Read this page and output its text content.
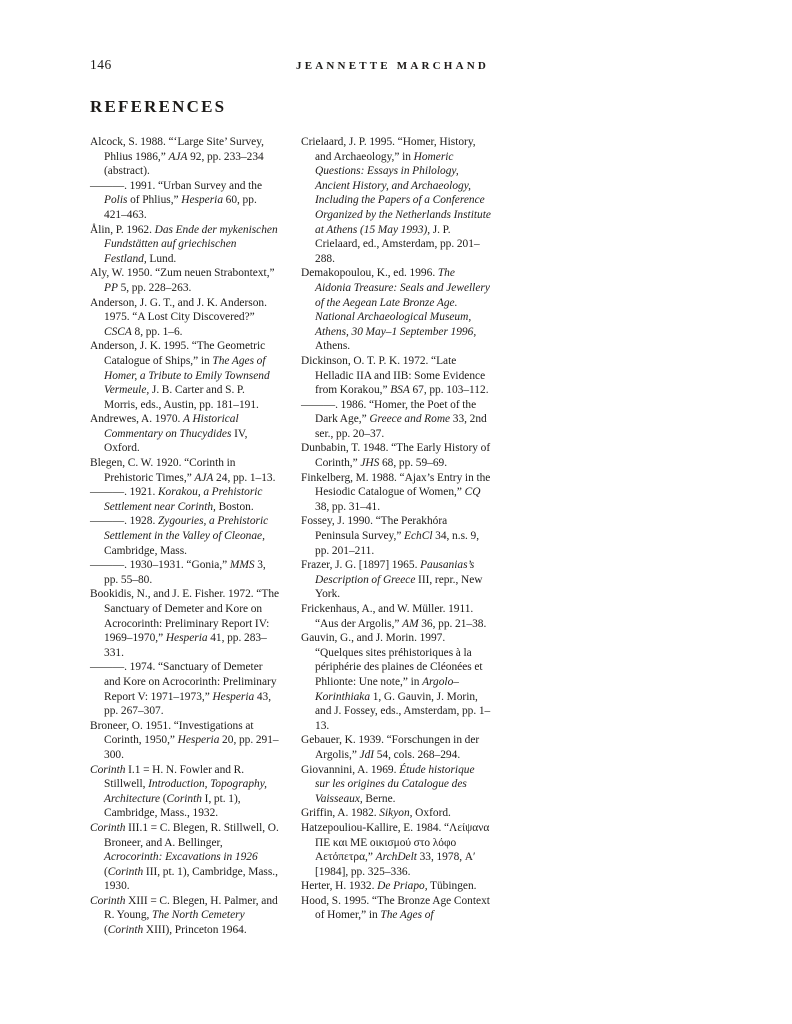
146	JEANNETTE MARCHAND
REFERENCES

Alcock, S. 1988. “‘Large Site’ Survey, Phlius 1986,” AJA 92, pp. 233–234 (abstract).

———. 1991. “Urban Survey and the Polis of Phlius,” Hesperia 60, pp. 421–463.

Ålin, P. 1962. Das Ende der mykenischen Fundstätten auf griechischen Festland, Lund.

Aly, W. 1950. “Zum neuen Strabontext,” PP 5, pp. 228–263.

Anderson, J. G. T., and J. K. Anderson. 1975. “A Lost City Discovered?” CSCA 8, pp. 1–6.

Anderson, J. K. 1995. “The Geometric Catalogue of Ships,” in The Ages of Homer, a Tribute to Emily Townsend Vermeule, J. B. Carter and S. P. Morris, eds., Austin, pp. 181–191.

Andrewes, A. 1970. A Historical Commentary on Thucydides IV, Oxford.

Blegen, C. W. 1920. “Corinth in Prehistoric Times,” AJA 24, pp. 1–13.

———. 1921. Korakou, a Prehistoric Settlement near Corinth, Boston.

———. 1928. Zygouries, a Prehistoric Settlement in the Valley of Cleonae, Cambridge, Mass.

———. 1930–1931. “Gonia,” MMS 3, pp. 55–80.

Bookidis, N., and J. E. Fisher. 1972. “The Sanctuary of Demeter and Kore on Acrocorinth: Preliminary Report IV: 1969–1970,” Hesperia 41, pp. 283–331.

———. 1974. “Sanctuary of Demeter and Kore on Acrocorinth: Preliminary Report V: 1971–1973,” Hesperia 43, pp. 267–307.

Broneer, O. 1951. “Investigations at Corinth, 1950,” Hesperia 20, pp. 291–300.

Corinth I.1 = H. N. Fowler and R. Stillwell, Introduction, Topography, Architecture (Corinth I, pt. 1), Cambridge, Mass., 1932.

Corinth III.1 = C. Blegen, R. Stillwell, O. Broneer, and A. Bellinger, Acrocorinth: Excavations in 1926 (Corinth III, pt. 1), Cambridge, Mass., 1930.

Corinth XIII = C. Blegen, H. Palmer, and R. Young, The North Cemetery (Corinth XIII), Princeton 1964.

Crielaard, J. P. 1995. “Homer, History, and Archaeology,” in Homeric Questions: Essays in Philology, Ancient History, and Archaeology, Including the Papers of a Conference Organized by the Netherlands Institute at Athens (15 May 1993), J. P. Crielaard, ed., Amsterdam, pp. 201–288.

Demakopoulou, K., ed. 1996. The Aidonia Treasure: Seals and Jewellery of the Aegean Late Bronze Age. National Archaeological Museum, Athens, 30 May–1 September 1996, Athens.

Dickinson, O. T. P. K. 1972. “Late Helladic IIA and IIB: Some Evidence from Korakou,” BSA 67, pp. 103–112.

———. 1986. “Homer, the Poet of the Dark Age,” Greece and Rome 33, 2nd ser., pp. 20–37.

Dunbabin, T. 1948. “The Early History of Corinth,” JHS 68, pp. 59–69.

Finkelberg, M. 1988. “Ajax’s Entry in the Hesiodic Catalogue of Women,” CQ 38, pp. 31–41.

Fossey, J. 1990. “The Perakhóra Peninsula Survey,” EchCl 34, n.s. 9, pp. 201–211.

Frazer, J. G. [1897] 1965. Pausanias’s Description of Greece III, repr., New York.

Frickenhaus, A., and W. Müller. 1911. “Aus der Argolis,” AM 36, pp. 21–38.

Gauvin, G., and J. Morin. 1997. “Quelques sites préhistoriques à la périphérie des plaines de Cléonées et Phlionte: Une note,” in Argolo–Korinthiaka 1, G. Gauvin, J. Morin, and J. Fossey, eds., Amsterdam, pp. 1–13.

Gebauer, K. 1939. “Forschungen in der Argolis,” JdI 54, cols. 268–294.

Giovannini, A. 1969. Étude historique sur les origines du Catalogue des Vaisseaux, Berne.

Griffin, A. 1982. Sikyon, Oxford.

Hatzepouliou-Kallire, E. 1984. “Λείψανα ΠΕ και ΜΕ οικισμού στο λόφο Αετόπετρα,” ArchDelt 33, 1978, Α′ [1984], pp. 325–336.

Herter, H. 1932. De Priapo, Tübingen.

Hood, S. 1995. “The Bronze Age Context of Homer,” in The Ages of
